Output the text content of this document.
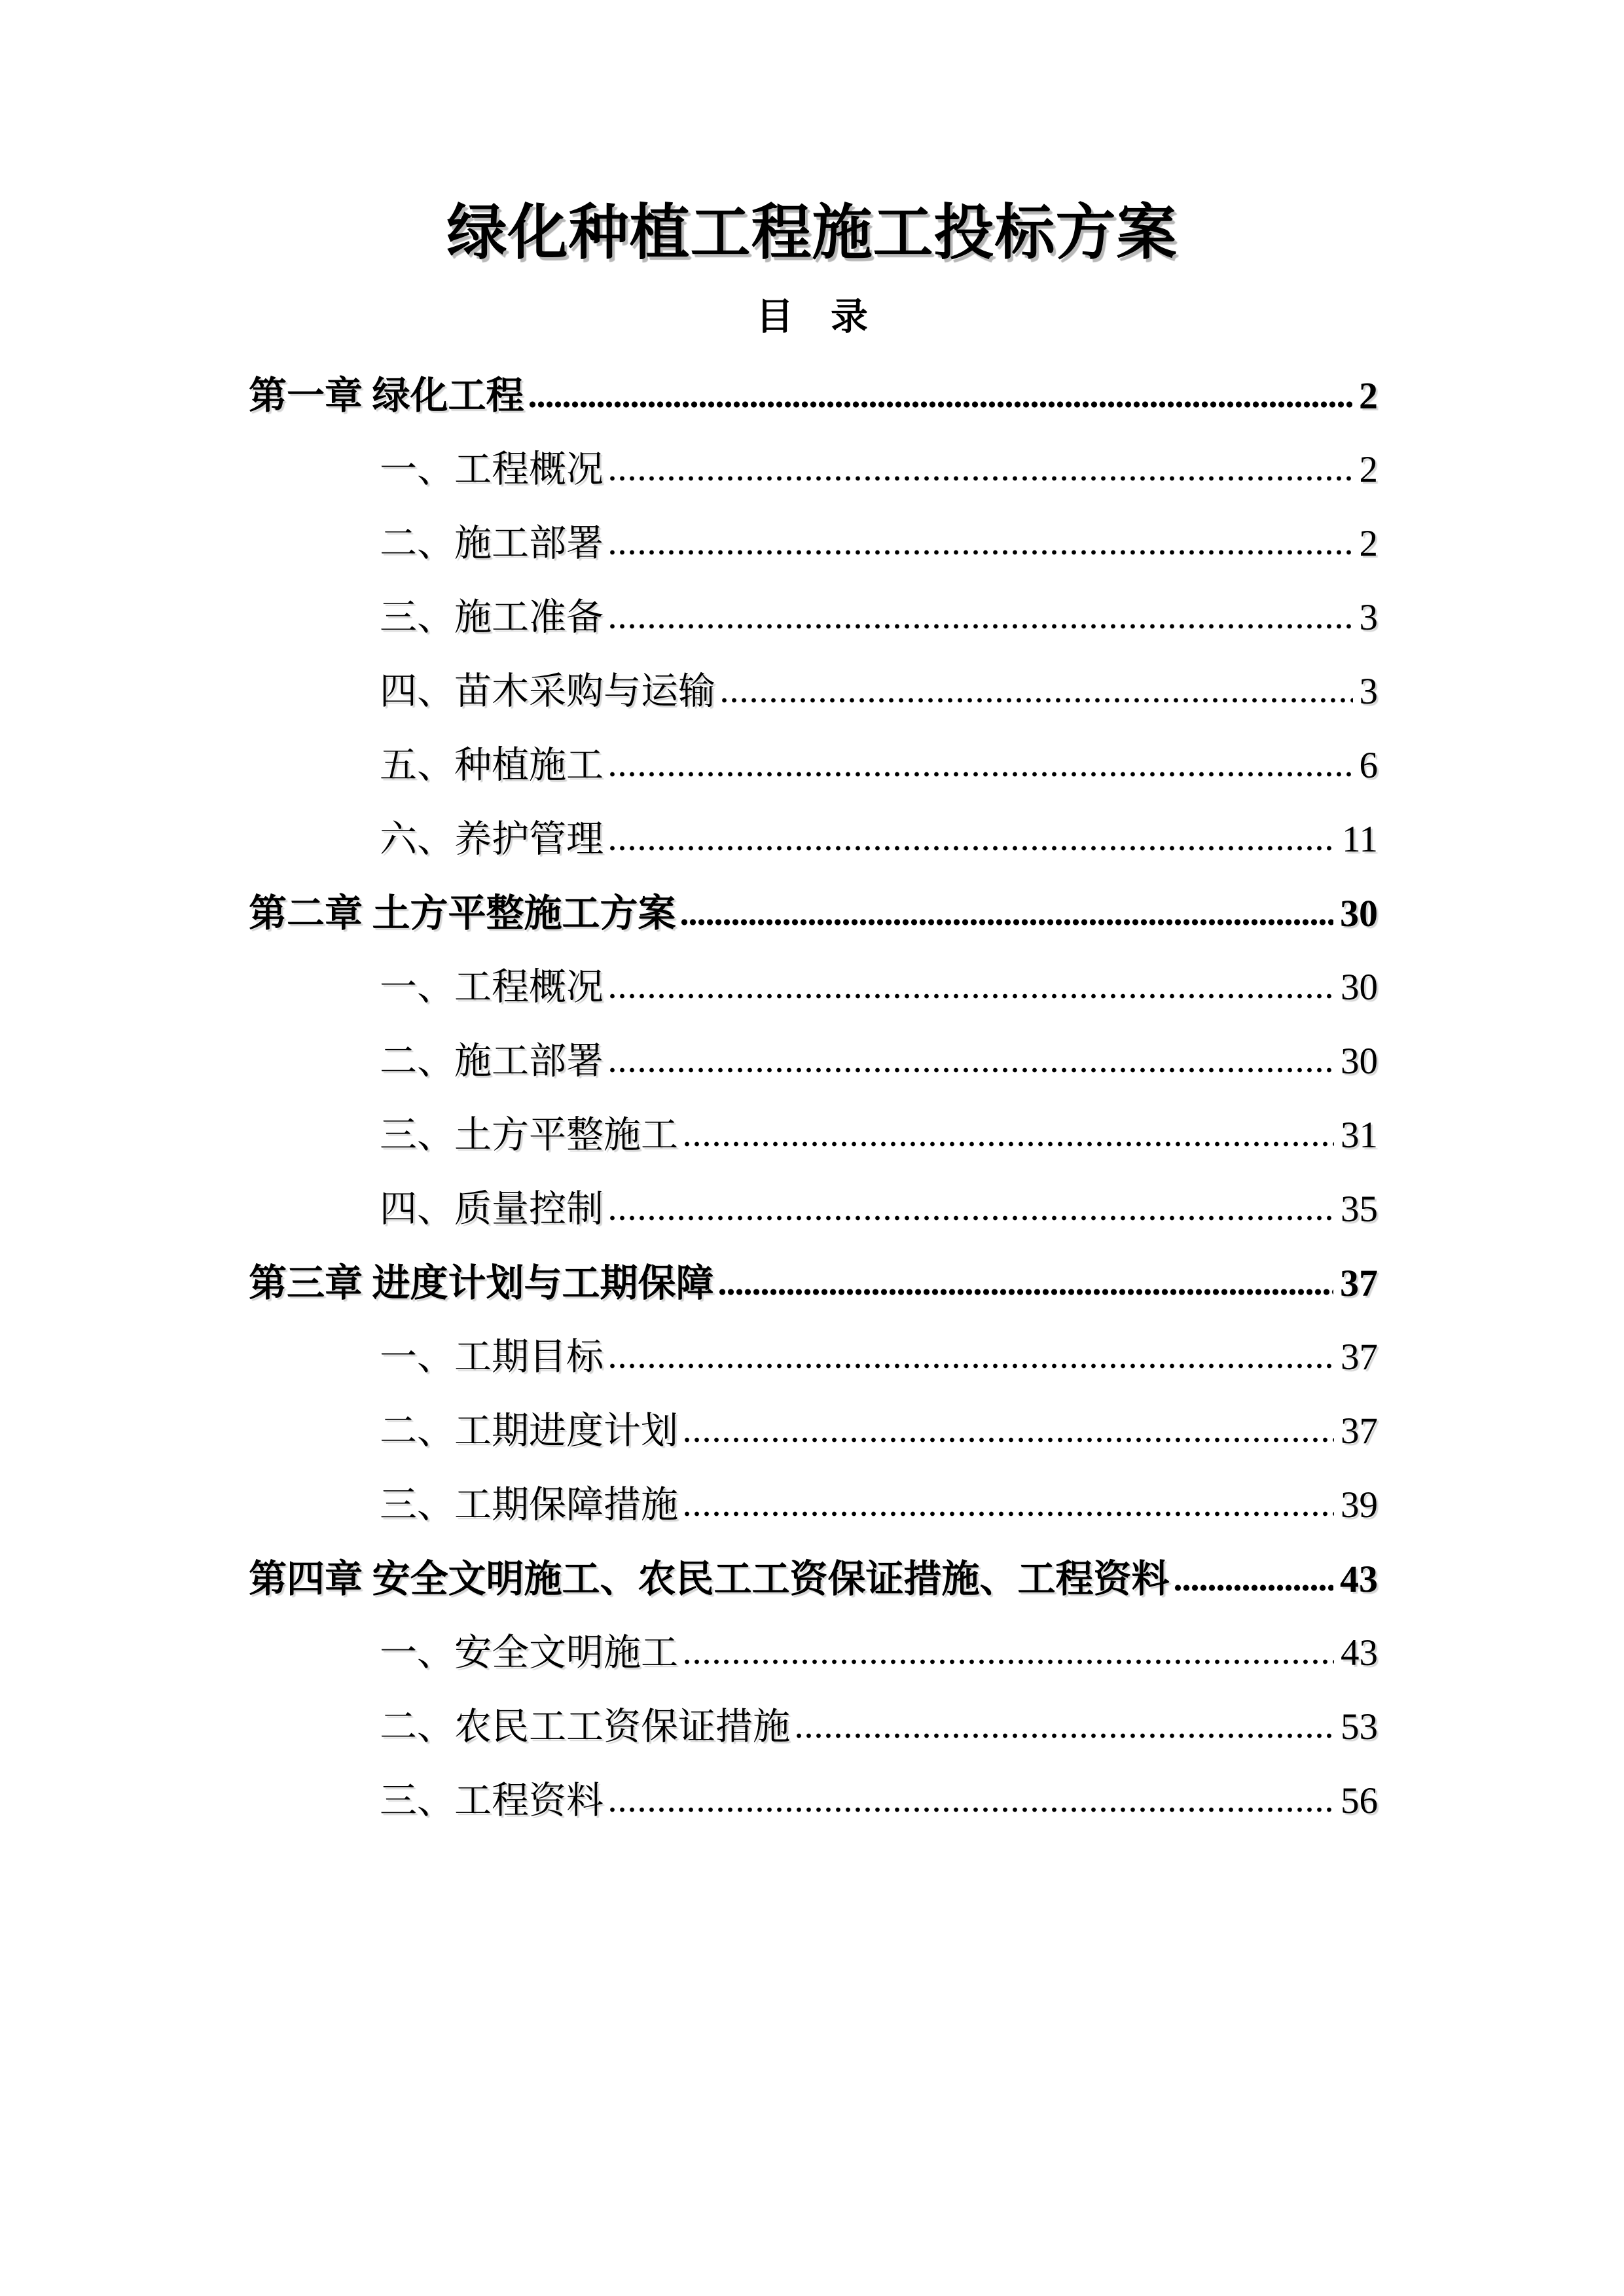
绿化种植工程施工投标方案
目　录
第一章 绿化工程	2
一、工程概况	2
二、施工部署	2
三、施工准备	3
四、苗木采购与运输	3
五、种植施工	6
六、养护管理	11
第二章 土方平整施工方案	30
一、工程概况	30
二、施工部署	30
三、土方平整施工	31
四、质量控制	35
第三章 进度计划与工期保障	37
一、工期目标	37
二、工期进度计划	37
三、工期保障措施	39
第四章 安全文明施工、农民工工资保证措施、工程资料	43
一、安全文明施工	43
二、农民工工资保证措施	53
三、工程资料	56
